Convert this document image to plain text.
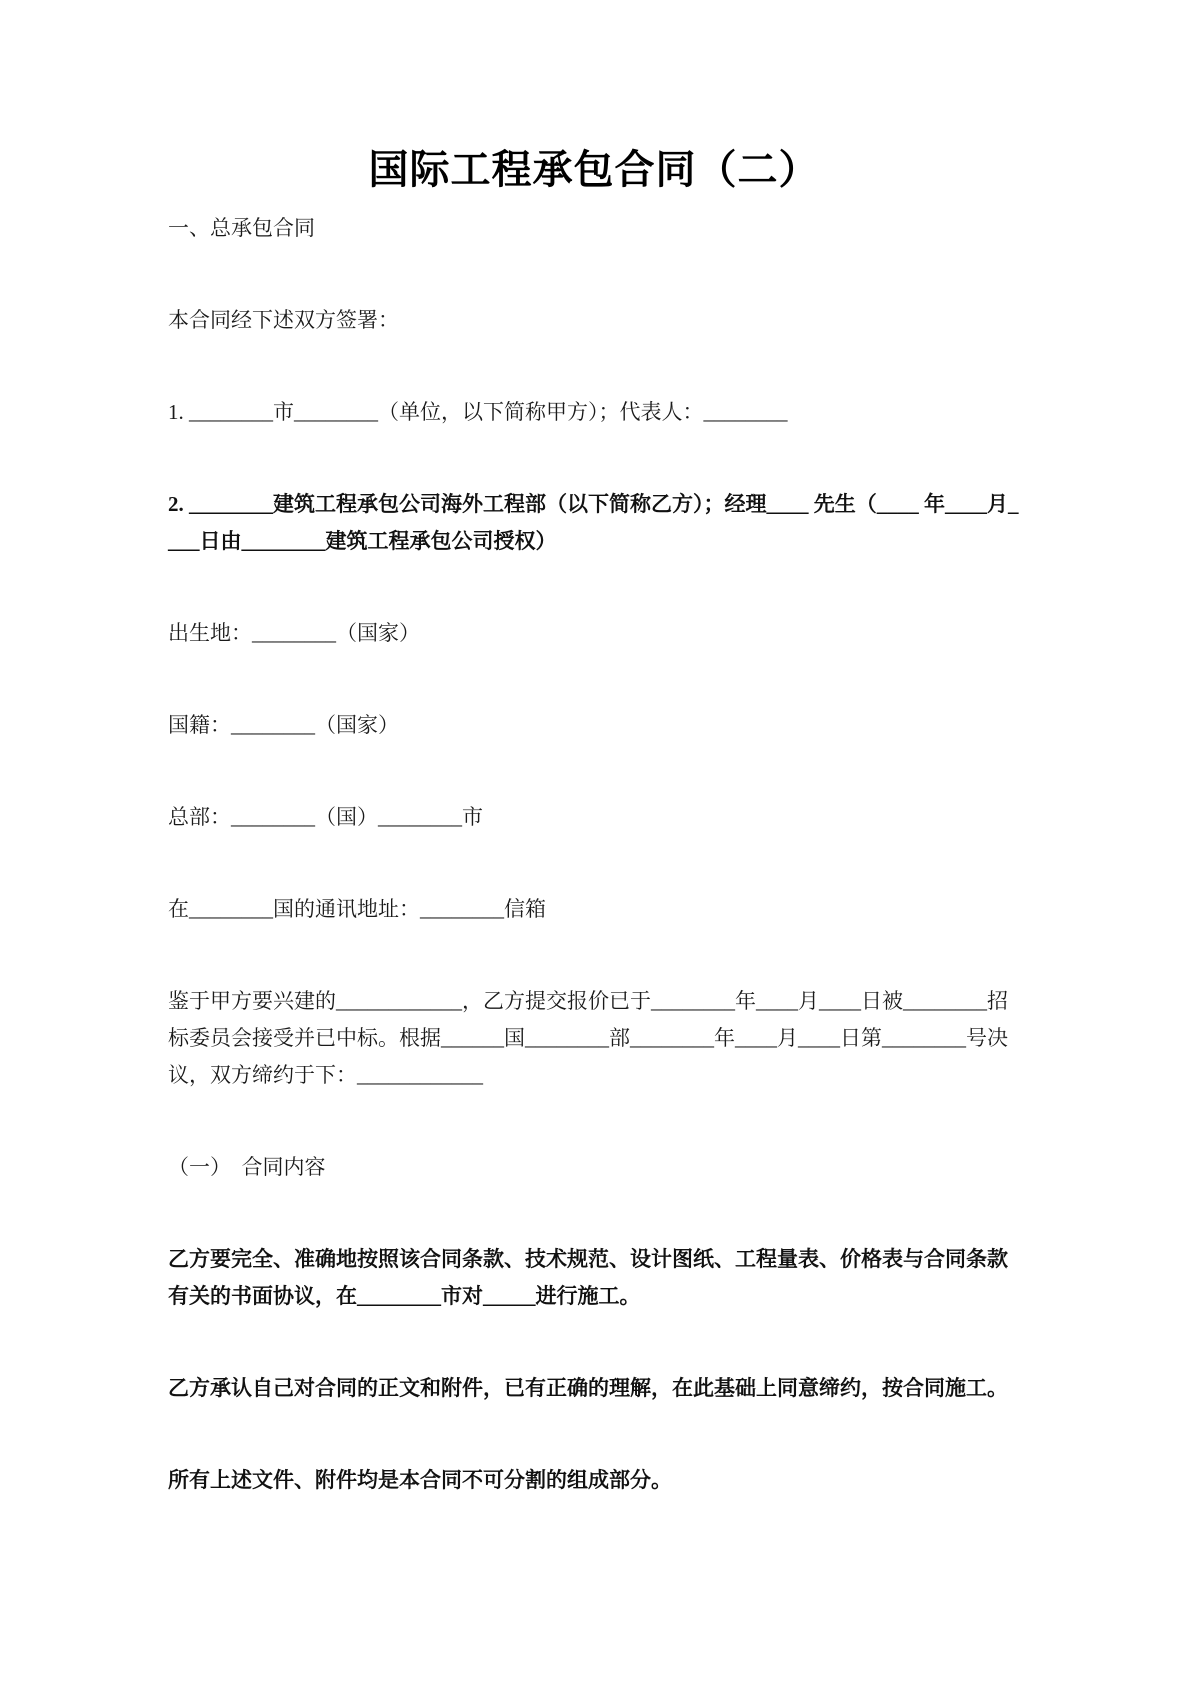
国际工程承包合同（二）

一、总承包合同

本合同经下述双方签署：

1. ________市________（单位，以下简称甲方）；代表人：________

2. ________建筑工程承包公司海外工程部（以下简称乙方）；经理____ 先生（____ 年____月____日由________建筑工程承包公司授权）

出生地：________（国家）

国籍：________（国家）

总部：________（国）________市

在________国的通讯地址：________信箱

鉴于甲方要兴建的____________，乙方提交报价已于________年____月____日被________招标委员会接受并已中标。根据______国________部________年____月____日第________号决议，双方缔约于下：____________

（一）　合同内容

乙方要完全、准确地按照该合同条款、技术规范、设计图纸、工程量表、价格表与合同条款有关的书面协议，在________市对_____进行施工。

乙方承认自己对合同的正文和附件，已有正确的理解，在此基础上同意缔约，按合同施工。

所有上述文件、附件均是本合同不可分割的组成部分。
